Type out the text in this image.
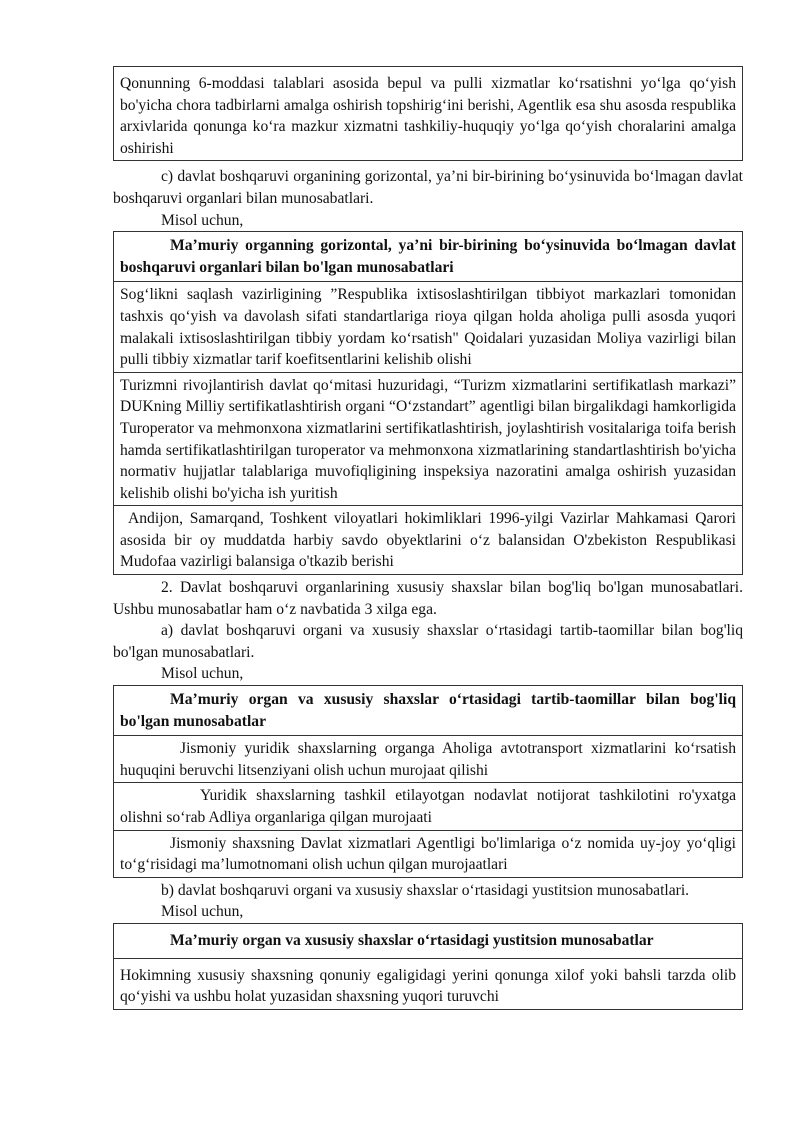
Qonunning 6-moddasi talablari asosida bepul va pulli xizmatlar ko‘rsatishni yo‘lga qo‘yish bo'yicha chora tadbirlarni amalga oshirish topshirig‘ini berishi, Agentlik esa shu asosda respublika arxivlarida qonunga ko‘ra mazkur xizmatni tashkiliy-huquqiy yo‘lga qo‘yish choralarini amalga oshirishi

c) davlat boshqaruvi organining gorizontal, ya’ni bir-birining bo‘ysinuvida bo‘lmagan davlat boshqaruvi organlari bilan munosabatlari.

Misol uchun,

Ma’muriy organning gorizontal, ya’ni bir-birining bo‘ysinuvida bo‘lmagan davlat boshqaruvi organlari bilan bo'lgan munosabatlari
Sog‘likni saqlash vazirligining ”Respublika ixtisoslashtirilgan tibbiyot markazlari tomonidan tashxis qo‘yish va davolash sifati standartlariga rioya qilgan holda aholiga pulli asosda yuqori malakali ixtisoslashtirilgan tibbiy yordam ko‘rsatish" Qoidalari yuzasidan Moliya vazirligi bilan pulli tibbiy xizmatlar tarif koefitsentlarini kelishib olishi
Turizmni rivojlantirish davlat qo‘mitasi huzuridagi, “Turizm xizmatlarini sertifikatlash markazi” DUKning Milliy sertifikatlashtirish organi “O‘zstandart” agentligi bilan birgalikdagi hamkorligida Turoperator va mehmonxona xizmatlarini sertifikatlashtirish, joylashtirish vositalariga toifa berish hamda sertifikatlashtirilgan turoperator va mehmonxona xizmatlarining standartlashtirish bo'yicha normativ hujjatlar talablariga muvofiqligining inspeksiya nazoratini amalga oshirish yuzasidan kelishib olishi bo'yicha ish yuritish
Andijon, Samarqand, Toshkent viloyatlari hokimliklari 1996-yilgi Vazirlar Mahkamasi Qarori asosida bir oy muddatda harbiy savdo obyektlarini o‘z balansidan O'zbekiston Respublikasi Mudofaa vazirligi balansiga o'tkazib berishi

2. Davlat boshqaruvi organlarining xususiy shaxslar bilan bog'liq bo'lgan munosabatlari. Ushbu munosabatlar ham o‘z navbatida 3 xilga ega.

a) davlat boshqaruvi organi va xususiy shaxslar o‘rtasidagi tartib-taomillar bilan bog'liq bo'lgan munosabatlari.

Misol uchun,

Ma’muriy organ va xususiy shaxslar o‘rtasidagi tartib-taomillar bilan bog'liq bo'lgan munosabatlar
Jismoniy yuridik shaxslarning organga Aholiga avtotransport xizmatlarini ko‘rsatish huquqini beruvchi litsenziyani olish uchun murojaat qilishi
Yuridik shaxslarning tashkil etilayotgan nodavlat notijorat tashkilotini ro'yxatga olishni so‘rab Adliya organlariga qilgan murojaati
Jismoniy shaxsning Davlat xizmatlari Agentligi bo'limlariga o‘z nomida uy-joy yo‘qligi to‘g‘risidagi ma’lumotnomani olish uchun qilgan murojaatlari

b) davlat boshqaruvi organi va xususiy shaxslar o‘rtasidagi yustitsion munosabatlari.

Misol uchun,

Ma’muriy organ va xususiy shaxslar o‘rtasidagi yustitsion munosabatlar
Hokimning xususiy shaxsning qonuniy egaligidagi yerini qonunga xilof yoki bahsli tarzda olib qo‘yishi va ushbu holat yuzasidan shaxsning yuqori turuvchi
